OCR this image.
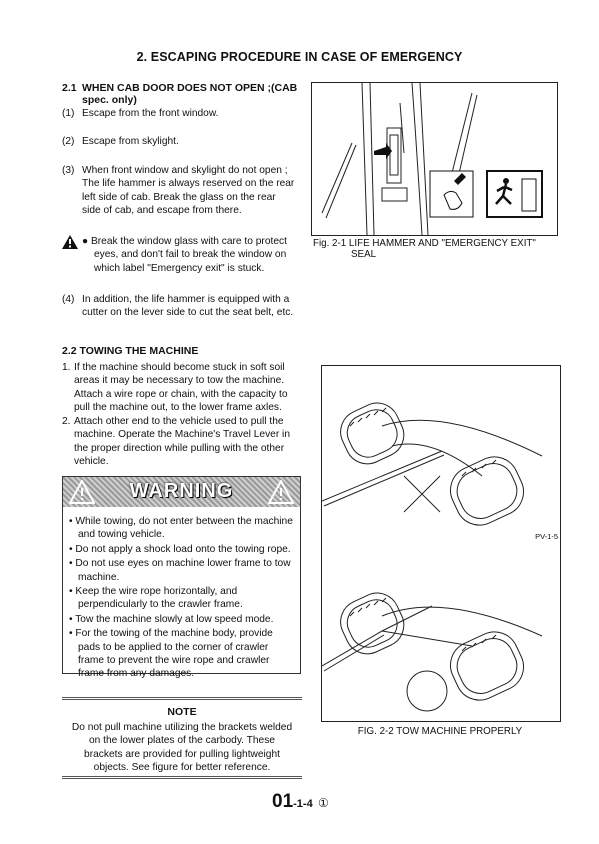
2. ESCAPING PROCEDURE IN CASE OF EMERGENCY
2.1 WHEN CAB DOOR DOES NOT OPEN ;(CAB
spec. only)
(1) Escape from the front window.
(2) Escape from skylight.
(3) When front window and skylight do not open ;
The life hammer is always reserved on the rear
left side of cab. Break the glass on the rear
side of cab, and escape from there.
● Break the window glass with care to protect
eyes, and don't fail to break the window on
which label "Emergency exit" is stuck.
(4) In addition, the life hammer is equipped with a
cutter on the lever side to cut the seat belt, etc.
Fig. 2-1 LIFE HAMMER AND "EMERGENCY EXIT"
SEAL
2.2 TOWING THE MACHINE
1. If the machine should become stuck in soft soil
areas it may be necessary to tow the machine.
Attach a wire rope or chain, with the capacity to
pull the machine out, to the lower frame axles.
2. Attach other end to the vehicle used to pull the
machine. Operate the Machine's Travel Lever in
the proper direction while pulling with the other
vehicle.
WARNING
• While towing, do not enter between the machine and towing vehicle.
• Do not apply a shock load onto the towing rope.
• Do not use eyes on machine lower frame to tow machine.
• Keep the wire rope horizontally, and perpendicularly to the crawler frame.
• Tow the machine slowly at low speed mode.
• For the towing of the machine body, provide pads to be applied to the corner of crawler frame to prevent the wire rope and crawler frame from any damages.
NOTE
Do not pull machine utilizing the brackets welded
on the lower plates of the carbody. These
brackets are provided for pulling lightweight
objects. See figure for better reference.
PV-1-5
FIG. 2-2 TOW MACHINE PROPERLY
01-1-4 ①
